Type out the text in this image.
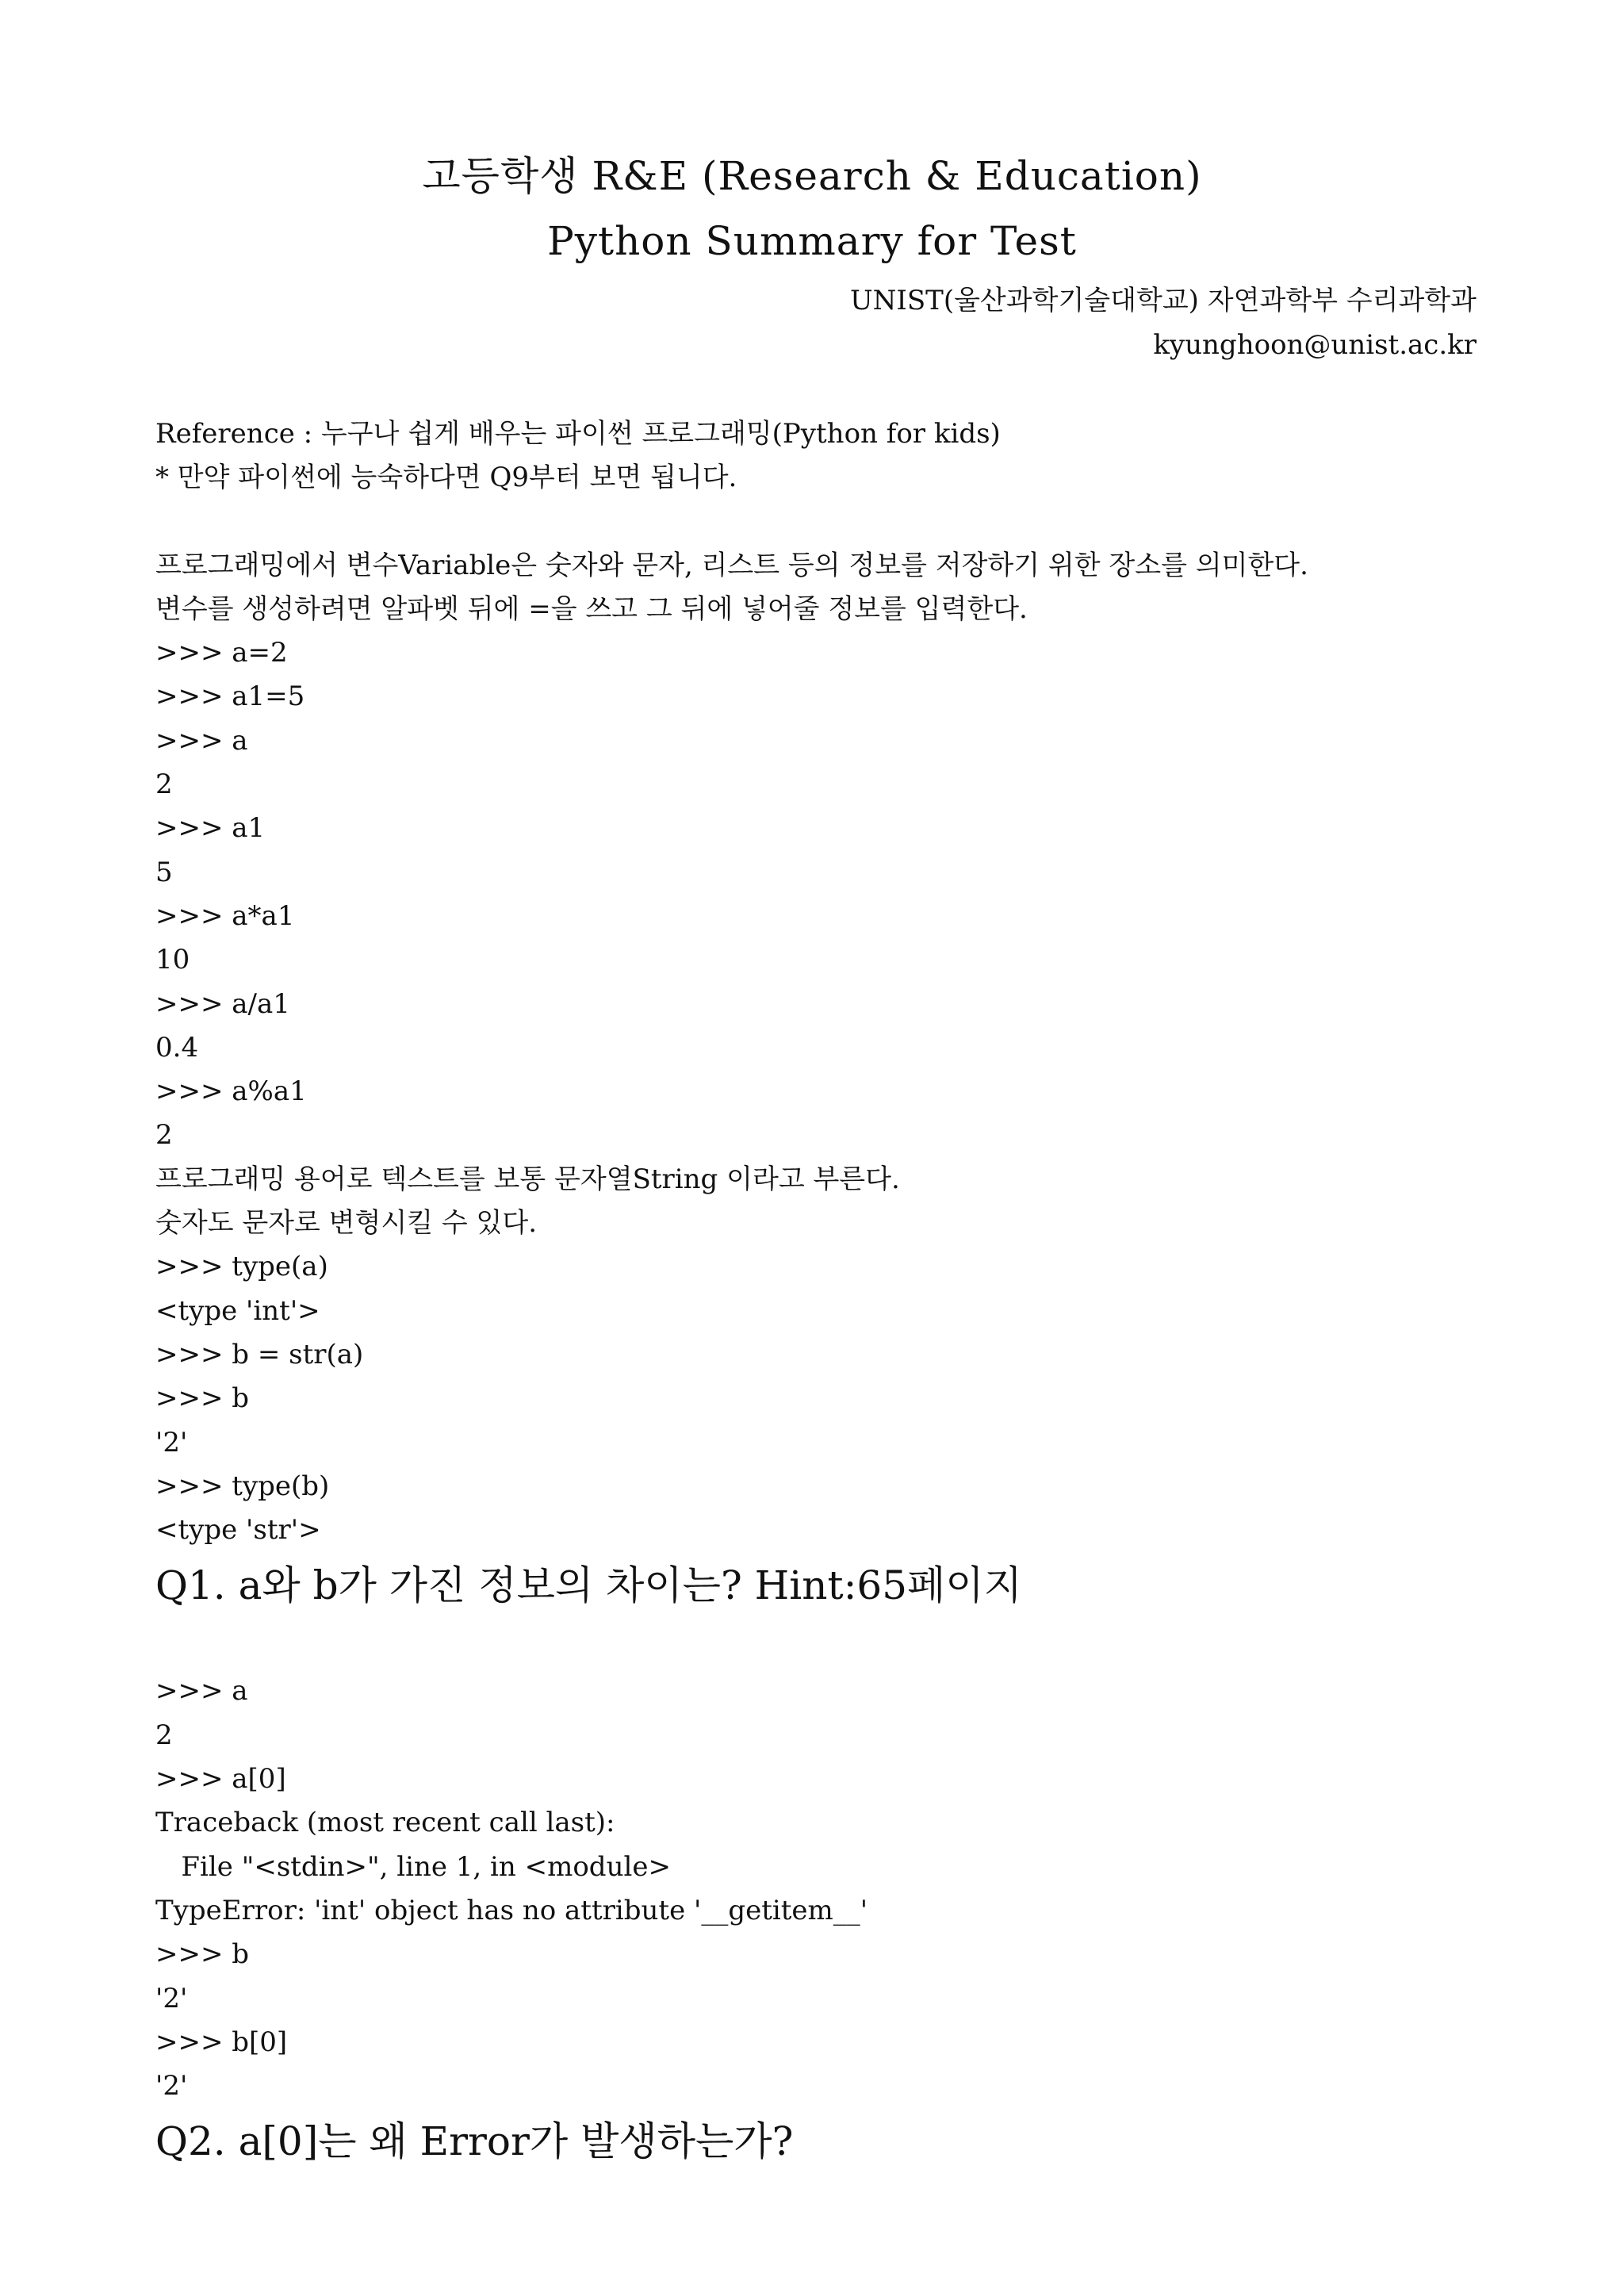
고등학생 R&E (Research & Education)
Python Summary for Test
UNIST(울산과학기술대학교) 자연과학부 수리과학과
kyunghoon@unist.ac.kr
Reference : 누구나 쉽게 배우는 파이썬 프로그래밍(Python for kids)
* 만약 파이썬에 능숙하다면 Q9부터 보면 됩니다.
프로그래밍에서 변수Variable은 숫자와 문자, 리스트 등의 정보를 저장하기 위한 장소를 의미한다.
변수를 생성하려면 알파벳 뒤에 =을 쓰고 그 뒤에 넣어줄 정보를 입력한다.
>>> a=2
>>> a1=5
>>> a
2
>>> a1
5
>>> a*a1
10
>>> a/a1
0.4
>>> a%a1
2
프로그래밍 용어로 텍스트를 보통 문자열String 이라고 부른다.
숫자도 문자로 변형시킬 수 있다.
>>> type(a)
<type 'int'>
>>> b = str(a)
>>> b
'2'
>>> type(b)
<type 'str'>
Q1. a와 b가 가진 정보의 차이는? Hint:65페이지
>>> a
2
>>> a[0]
Traceback (most recent call last):
File "<stdin>", line 1, in <module>
TypeError: 'int' object has no attribute '__getitem__'
>>> b
'2'
>>> b[0]
'2'
Q2. a[0]는 왜 Error가 발생하는가?
